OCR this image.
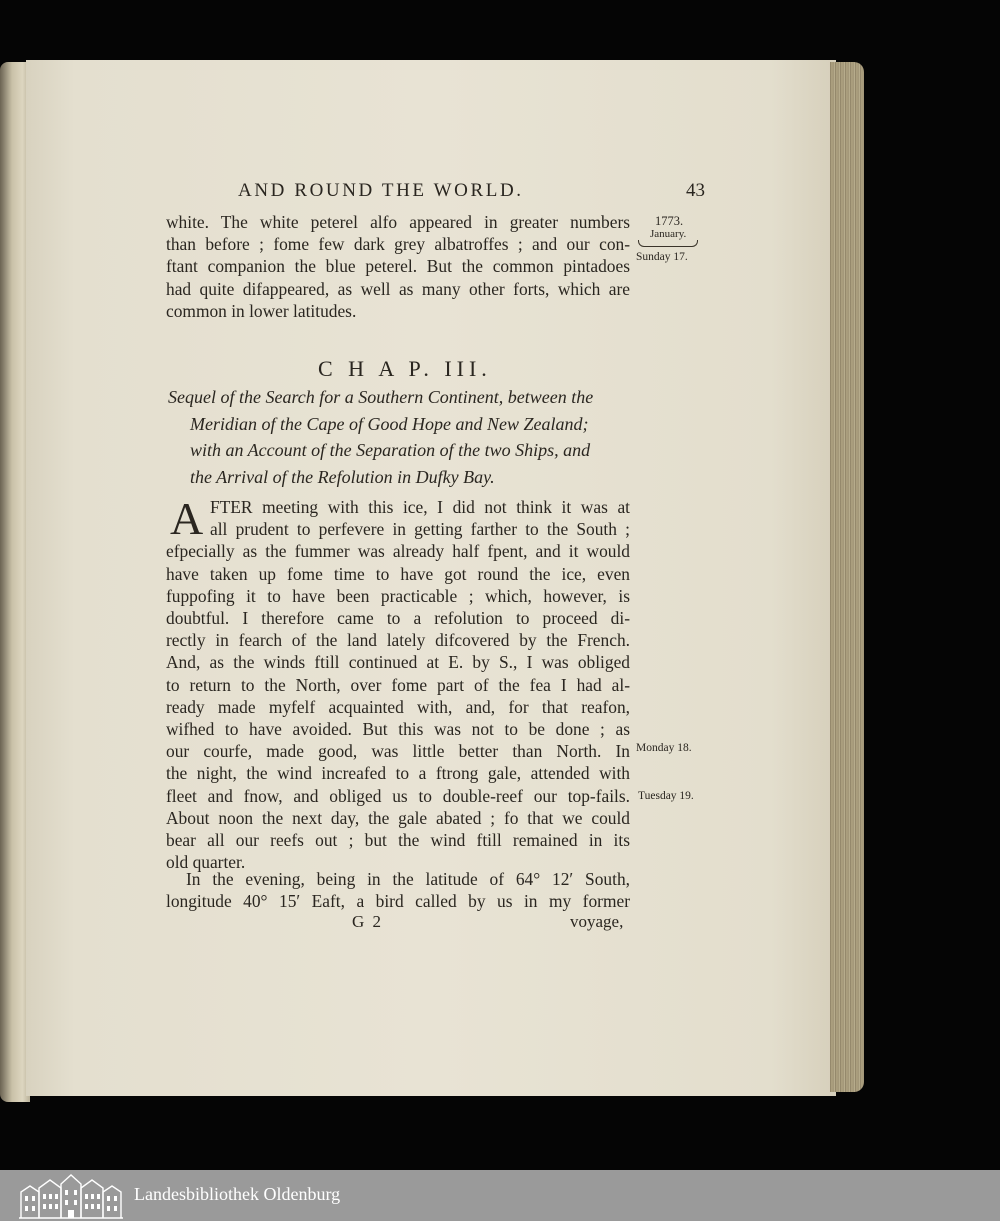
AND ROUND THE WORLD.	43
white. The white peterel alfo appeared in greater numbers
than before ; fome few dark grey albatroffes ; and our con-
ftant companion the blue peterel. But the common pintadoes
had quite difappeared, as well as many other forts, which are
common in lower latitudes.
C H A P. III.
Sequel of the Search for a Southern Continent, between the
Meridian of the Cape of Good Hope and New Zealand;
with an Account of the Separation of the two Ships, and
the Arrival of the Refolution in Dufky Bay.
A FTER meeting with this ice, I did not think it was at
all prudent to perfevere in getting farther to the South ;
efpecially as the fummer was already half fpent, and it would
have taken up fome time to have got round the ice, even
fuppofing it to have been practicable ; which, however, is
doubtful. I therefore came to a refolution to proceed di-
rectly in fearch of the land lately difcovered by the French.
And, as the winds ftill continued at E. by S., I was obliged
to return to the North, over fome part of the fea I had al-
ready made myfelf acquainted with, and, for that reafon,
wifhed to have avoided. But this was not to be done ; as
our courfe, made good, was little better than North. In
the night, the wind increafed to a ftrong gale, attended with
fleet and fnow, and obliged us to double-reef our top-fails.
About noon the next day, the gale abated ; fo that we could
bear all our reefs out ; but the wind ftill remained in its
old quarter.
In the evening, being in the latitude of 64° 12′ South,
longitude 40° 15′ Eaft, a bird called by us in my former
G 2	voyage,
1773.
January.
Sunday 17.
Monday 18.
Tuesday 19.
Landesbibliothek Oldenburg
